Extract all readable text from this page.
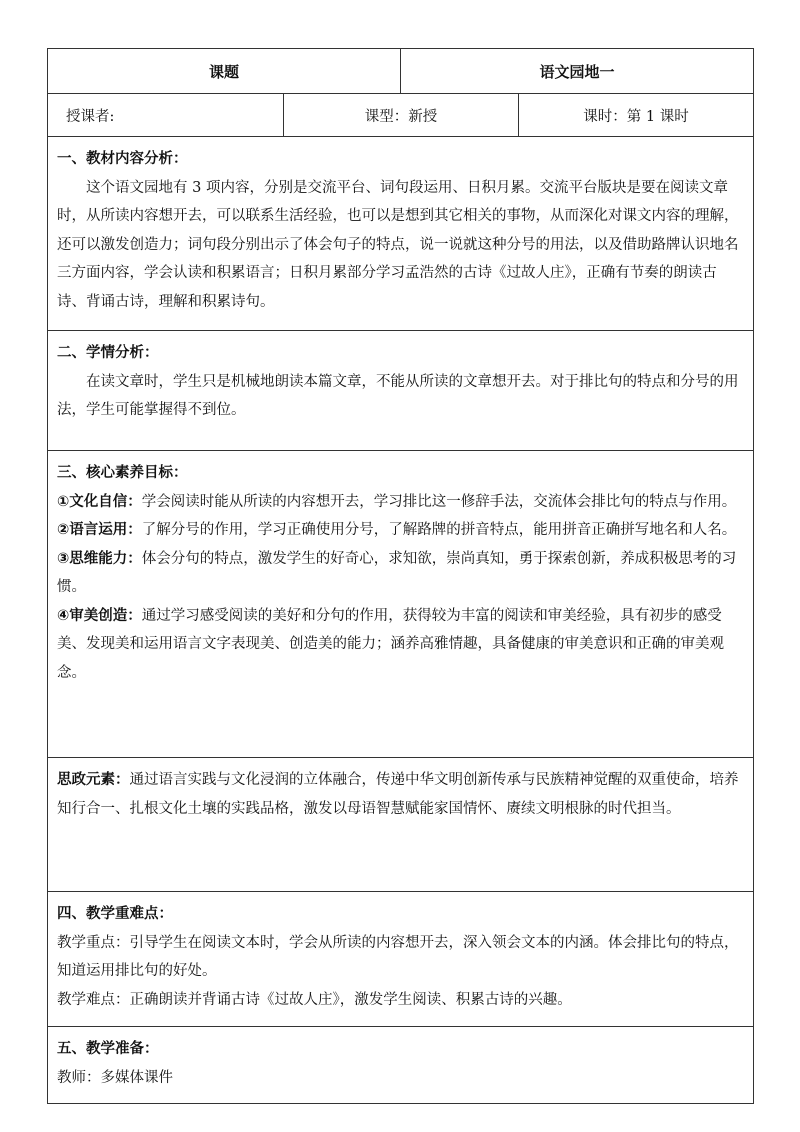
课题		语文园地一	
授课者:	课型：新授		课时：第 1 课时

一、教材内容分析：

这个语文园地有 3 项内容，分别是交流平台、词句段运用、日积月累。交流平台版块是要在阅读文章时，从所读内容想开去，可以联系生活经验，也可以是想到其它相关的事物，从而深化对课文内容的理解，还可以激发创造力；词句段分别出示了体会句子的特点，说一说就这种分号的用法，以及借助路牌认识地名三方面内容，学会认读和积累语言；日积月累部分学习孟浩然的古诗《过故人庄》，正确有节奏的朗读古诗、背诵古诗，理解和积累诗句。			

二、学情分析：

在读文章时，学生只是机械地朗读本篇文章，不能从所读的文章想开去。对于排比句的特点和分号的用法，学生可能掌握得不到位。			

三、核心素养目标：

①文化自信：学会阅读时能从所读的内容想开去，学习排比这一修辞手法，交流体会排比句的特点与作用。

②语言运用：了解分号的作用，学习正确使用分号，了解路牌的拼音特点，能用拼音正确拼写地名和人名。

③思维能力：体会分句的特点，激发学生的好奇心，求知欲，崇尚真知，勇于探索创新，养成积极思考的习惯。

④审美创造：通过学习感受阅读的美好和分句的作用，获得较为丰富的阅读和审美经验，具有初步的感受美、发现美和运用语言文字表现美、创造美的能力；涵养高雅情趣，具备健康的审美意识和正确的审美观念。			

思政元素：通过语言实践与文化浸润的立体融合，传递中华文明创新传承与民族精神觉醒的双重使命，培养知行合一、扎根文化土壤的实践品格，激发以母语智慧赋能家国情怀、赓续文明根脉的时代担当。			

四、教学重难点：

教学重点：引导学生在阅读文本时，学会从所读的内容想开去，深入领会文本的内涵。体会排比句的特点，知道运用排比句的好处。

教学难点：正确朗读并背诵古诗《过故人庄》，激发学生阅读、积累古诗的兴趣。			

五、教学准备：

教师：多媒体课件			
